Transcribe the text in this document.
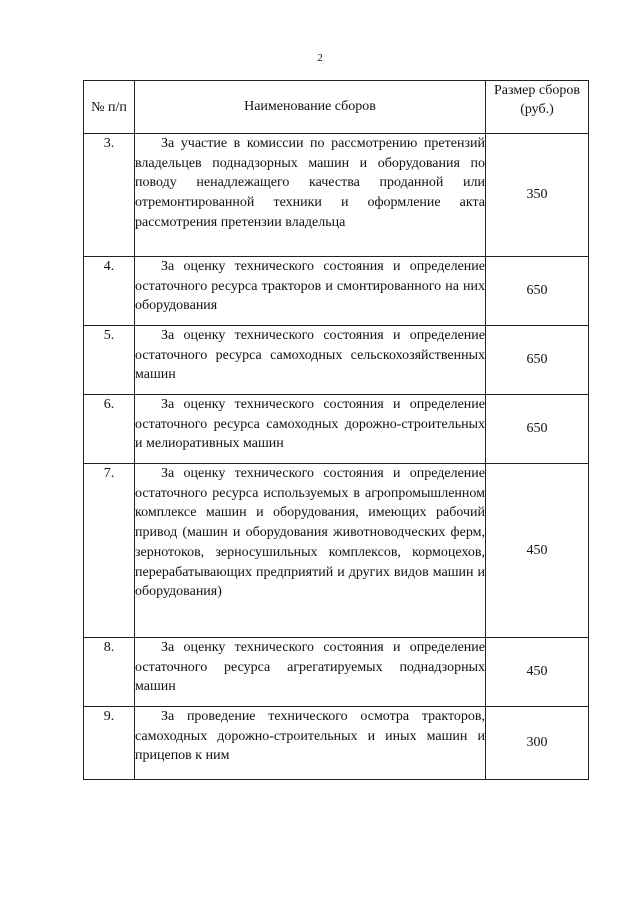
2
№ п/п	Наименование сборов	Размер сборов (руб.)
3.	За участие в комиссии по рассмотрению претензий владельцев поднадзорных машин и оборудования по поводу ненадлежащего качества проданной или отремонтированной техники и оформление акта рассмотрения претензии владельца	350
4.	За оценку технического состояния и определение остаточного ресурса тракторов и смонтированного на них оборудования	650
5.	За оценку технического состояния и определение остаточного ресурса самоходных сельскохозяйственных машин	650
6.	За оценку технического состояния и определение остаточного ресурса самоходных дорожно-строительных и мелиоративных машин	650
7.	За оценку технического состояния и определение остаточного ресурса используемых в агропромышленном комплексе машин и оборудования, имеющих рабочий привод (машин и оборудования животноводческих ферм, зернотоков, зерносушильных комплексов, кормоцехов, перерабатывающих предприятий и других видов машин и оборудования)	450
8.	За оценку технического состояния и определение остаточного ресурса агрегатируемых поднадзорных машин	450
9.	За проведение технического осмотра тракторов, самоходных дорожно-строительных и иных машин и прицепов к ним	300
